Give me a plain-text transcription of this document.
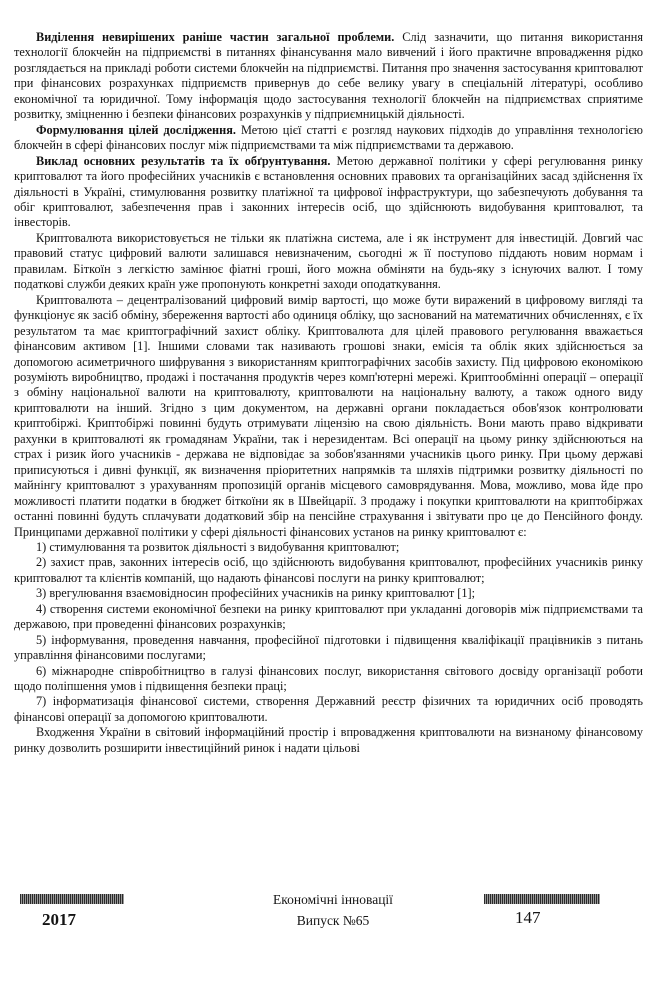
Виділення невирішених раніше частин загальної проблеми. Слід зазначити, що питання використання технології блокчейн на підприємстві в питаннях фінансування мало вивчений і його практичне впровадження рідко розглядається на прикладі роботи системи блокчейн на підприємстві. Питання про значення застосування криптовалют при фінансових розрахунках підприємств привернув до себе велику увагу в спеціальній літературі, особливо економічної та юридичної. Тому інформація щодо застосування технології блокчейн на підприємствах сприятиме розвитку, зміцненню і безпеки фінансових розрахунків у підприємницькій діяльності.

Формулювання цілей дослідження. Метою цієї статті є розгляд наукових підходів до управління технологією блокчейн в сфері фінансових послуг між підприємствами та між підприємствами та державою.

Виклад основних результатів та їх обґрунтування. Метою державної політики у сфері регулювання ринку криптовалют та його професійних учасників є встановлення основних правових та організаційних засад здійснення їх діяльності в Україні, стимулювання розвитку платіжної та цифрової інфраструктури, що забезпечують добування та обіг криптовалют, забезпечення прав і законних інтересів осіб, що здійснюють видобування криптовалют, та інвесторів.

Криптовалюта використовується не тільки як платіжна система, але і як інструмент для інвестицій. Довгий час правовий статус цифровий валюти залишався невизначеним, сьогодні ж її поступово піддають новим нормам і правилам. Біткоїн з легкістю замінює фіатні гроші, його можна обміняти на будь-яку з існуючих валют. І тому податкові служби деяких країн уже пропонують конкретні заходи оподаткування.

Криптовалюта – децентралізований цифровий вимір вартості, що може бути виражений в цифровому вигляді та функціонує як засіб обміну, збереження вартості або одиниця обліку, що заснований на математичних обчисленнях, є їх результатом та має криптографічний захист обліку. Криптовалюта для цілей правового регулювання вважається фінансовим активом [1]. Іншими словами так називають грошові знаки, емісія та облік яких здійснюється за допомогою асиметричного шифрування з використанням криптографічних засобів захисту. Під цифровою економікою розуміють виробництво, продажі і постачання продуктів через комп'ютерні мережі. Криптообмінні операції – операції з обміну національної валюти на криптовалюту, криптовалюти на національну валюту, а також одного виду криптовалюти на інший. Згідно з цим документом, на державні органи покладається обов'язок контролювати криптобіржі. Криптобіржі повинні будуть отримувати ліцензію на свою діяльність. Вони мають право відкривати рахунки в криптовалюті як громадянам України, так і нерезидентам. Всі операції на цьому ринку здійснюються на страх і ризик його учасників - держава не відповідає за зобов'язаннями учасників цього ринку. При цьому державі приписуються і дивні функції, як визначення пріоритетних напрямків та шляхів підтримки розвитку діяльності по майнінгу криптовалют з урахуванням пропозицій органів місцевого самоврядування. Мова, можливо, мова йде про можливості платити податки в бюджет біткоїни як в Швейцарії. З продажу і покупки криптовалюти на криптобіржах останні повинні будуть сплачувати додатковий збір на пенсійне страхування і звітувати про це до Пенсійного фонду. Принципами державної політики у сфері діяльності фінансових установ на ринку криптовалют є:

1) стимулювання та розвиток діяльності з видобування криптовалют;

2) захист прав, законних інтересів осіб, що здійснюють видобування криптовалют, професійних учасників ринку криптовалют та клієнтів компаній, що надають фінансові послуги на ринку криптовалют;

3) врегулювання взаємовідносин професійних учасників на ринку криптовалют [1];

4) створення системи економічної безпеки на ринку криптовалют при укладанні договорів між підприємствами та державою, при проведенні фінансових розрахунків;

5) інформування, проведення навчання, професійної підготовки і підвищення кваліфікації працівників з питань управління фінансовими послугами;

6) міжнародне співробітництво в галузі фінансових послуг, використання світового досвіду організації роботи щодо поліпшення умов і підвищення безпеки праці;

7) інформатизація фінансової системи, створення Державний реєстр фізичних та юридичних осіб проводять фінансові операції за допомогою криптовалюти.

Входження України в світовий інформаційний простір і впровадження криптовалюти на визнаному фінансовому ринку дозволить розширити інвестиційний ринок і надати цільові

Економічні інновації
Випуск №65
2017	147
